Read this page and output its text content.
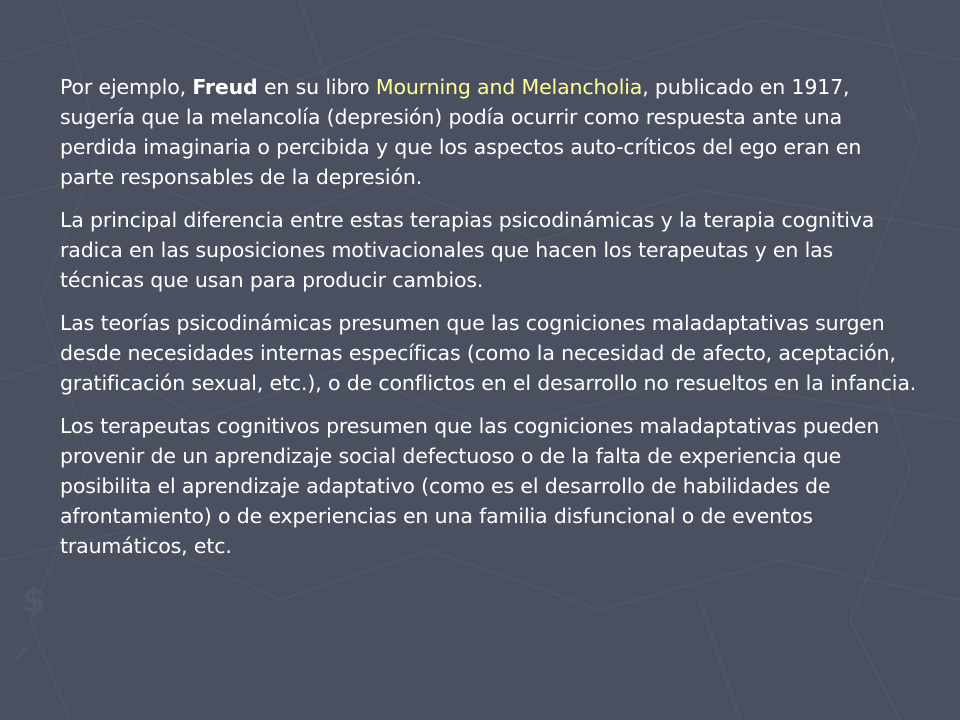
$
↗
↘

Por ejemplo, Freud en su libro Mourning and Melancholia, publicado en 1917, sugería que la melancolía (depresión) podía ocurrir como respuesta ante una perdida imaginaria o percibida y que los aspectos auto-críticos del ego eran en parte responsables de la depresión.

La principal diferencia entre estas terapias psicodinámicas y la terapia cognitiva radica en las suposiciones motivacionales que hacen los terapeutas y en las técnicas que usan para producir cambios.

Las teorías psicodinámicas presumen que las cogniciones maladaptativas surgen desde necesidades internas específicas (como la necesidad de afecto, aceptación, gratificación sexual, etc.), o de conflictos en el desarrollo no resueltos en la infancia.

Los terapeutas cognitivos presumen que las cogniciones maladaptativas pueden provenir de un aprendizaje social defectuoso o de la falta de experiencia que posibilita el aprendizaje adaptativo (como es el desarrollo de habilidades de afrontamiento) o de experiencias en una familia disfuncional o de eventos traumáticos, etc.
